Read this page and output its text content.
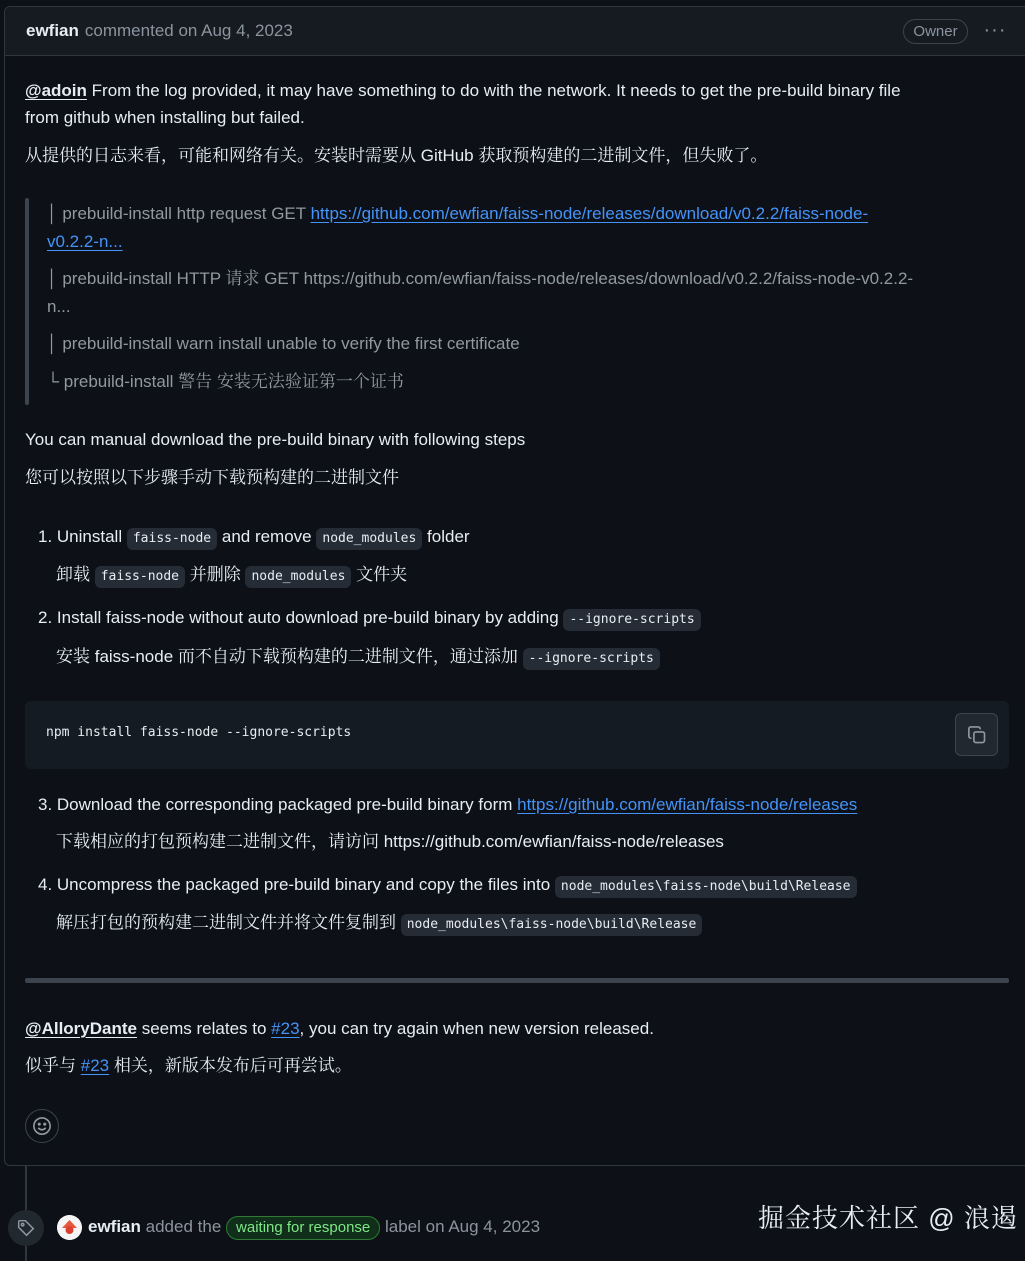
ewfian commented on Aug 4, 2023	Owner	···
@adoin From the log provided, it may have something to do with the network. It needs to get the pre-build binary file
from github when installing but failed.
从提供的日志来看，可能和网络有关。安装时需要从 GitHub 获取预构建的二进制文件，但失败了。
│ prebuild-install http request GET https://github.com/ewfian/faiss-node/releases/download/v0.2.2/faiss-node-
v0.2.2-n...
│ prebuild-install HTTP 请求 GET https://github.com/ewfian/faiss-node/releases/download/v0.2.2/faiss-node-v0.2.2-
n...
│ prebuild-install warn install unable to verify the first certificate
└ prebuild-install 警告 安装无法验证第一个证书
You can manual download the pre-build binary with following steps
您可以按照以下步骤手动下载预构建的二进制文件
1. Uninstall faiss-node and remove node_modules folder
卸载 faiss-node 并删除 node_modules 文件夹
2. Install faiss-node without auto download pre-build binary by adding --ignore-scripts
安装 faiss-node 而不自动下载预构建的二进制文件，通过添加 --ignore-scripts
npm install faiss-node --ignore-scripts
3. Download the corresponding packaged pre-build binary form https://github.com/ewfian/faiss-node/releases
下载相应的打包预构建二进制文件，请访问 https://github.com/ewfian/faiss-node/releases
4. Uncompress the packaged pre-build binary and copy the files into node_modules\faiss-node\build\Release
解压打包的预构建二进制文件并将文件复制到 node_modules\faiss-node\build\Release
@AlloryDante seems relates to #23, you can try again when new version released.
似乎与 #23 相关，新版本发布后可再尝试。
ewfian added the waiting for response label on Aug 4, 2023	掘金技术社区 @ 浪遏
